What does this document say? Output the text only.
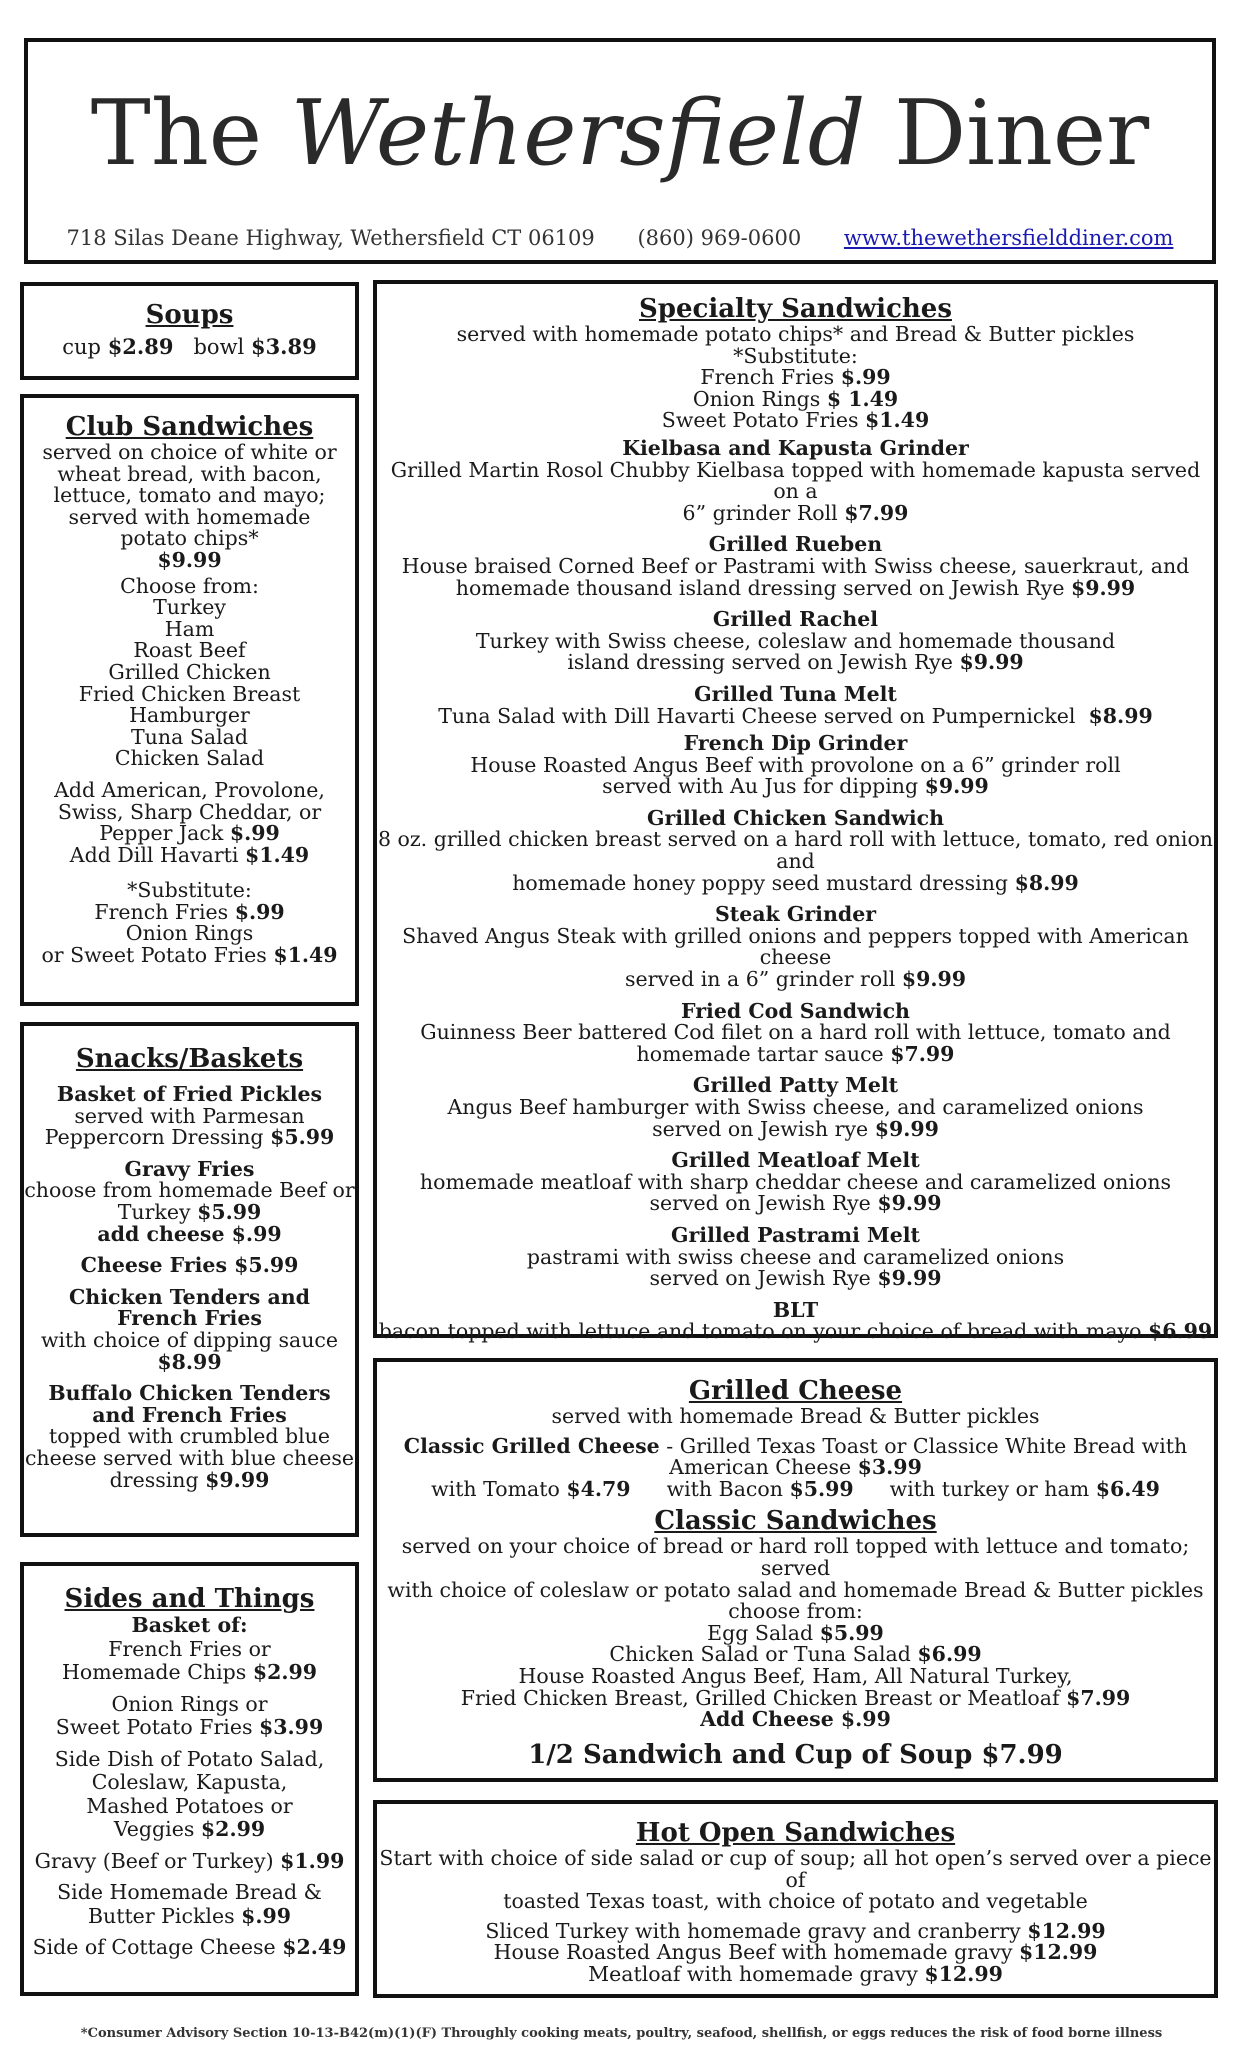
The Wethersfield Diner
718 Silas Deane Highway, Wethersfield CT 06109 (860) 969-0600 www.thewethersfielddiner.com

Soups

cup $2.89 bowl $3.89

Club Sandwiches

served on choice of white or

wheat bread, with bacon,

lettuce, tomato and mayo;

served with homemade

potato chips*

$9.99

Choose from:

Turkey

Ham

Roast Beef

Grilled Chicken

Fried Chicken Breast

Hamburger

Tuna Salad

Chicken Salad

Add American, Provolone,

Swiss, Sharp Cheddar, or

Pepper Jack $.99

Add Dill Havarti $1.49

*Substitute:

French Fries $.99

Onion Rings

or Sweet Potato Fries $1.49

Snacks/Baskets

Basket of Fried Pickles

served with Parmesan

Peppercorn Dressing $5.99

Gravy Fries

choose from homemade Beef or

Turkey $5.99

add cheese $.99

Cheese Fries $5.99

Chicken Tenders and

French Fries

with choice of dipping sauce

$8.99

Buffalo Chicken Tenders

and French Fries

topped with crumbled blue

cheese served with blue cheese

dressing $9.99

Sides and Things

Basket of:

French Fries or

Homemade Chips $2.99

Onion Rings or

Sweet Potato Fries $3.99

Side Dish of Potato Salad,

Coleslaw, Kapusta,

Mashed Potatoes or

Veggies $2.99

Gravy (Beef or Turkey) $1.99

Side Homemade Bread &

Butter Pickles $.99

Side of Cottage Cheese $2.49

Specialty Sandwiches

served with homemade potato chips* and Bread & Butter pickles

*Substitute:

French Fries $.99

Onion Rings $ 1.49

Sweet Potato Fries $1.49

Kielbasa and Kapusta Grinder

Grilled Martin Rosol Chubby Kielbasa topped with homemade kapusta served on a

6” grinder Roll $7.99

Grilled Rueben

House braised Corned Beef or Pastrami with Swiss cheese, sauerkraut, and

homemade thousand island dressing served on Jewish Rye $9.99

Grilled Rachel

Turkey with Swiss cheese, coleslaw and homemade thousand

island dressing served on Jewish Rye $9.99

Grilled Tuna Melt

Tuna Salad with Dill Havarti Cheese served on Pumpernickel $8.99

French Dip Grinder

House Roasted Angus Beef with provolone on a 6” grinder roll

served with Au Jus for dipping $9.99

Grilled Chicken Sandwich

8 oz. grilled chicken breast served on a hard roll with lettuce, tomato, red onion and

homemade honey poppy seed mustard dressing $8.99

Steak Grinder

Shaved Angus Steak with grilled onions and peppers topped with American cheese

served in a 6” grinder roll $9.99

Fried Cod Sandwich

Guinness Beer battered Cod filet on a hard roll with lettuce, tomato and

homemade tartar sauce $7.99

Grilled Patty Melt

Angus Beef hamburger with Swiss cheese, and caramelized onions

served on Jewish rye $9.99

Grilled Meatloaf Melt

homemade meatloaf with sharp cheddar cheese and caramelized onions

served on Jewish Rye $9.99

Grilled Pastrami Melt

pastrami with swiss cheese and caramelized onions

served on Jewish Rye $9.99

BLT

bacon topped with lettuce and tomato on your choice of bread with mayo $6.99

Grilled Cheese

served with homemade Bread & Butter pickles

Classic Grilled Cheese - Grilled Texas Toast or Classice White Bread with

American Cheese $3.99

with Tomato $4.79 with Bacon $5.99 with turkey or ham $6.49

Classic Sandwiches

served on your choice of bread or hard roll topped with lettuce and tomato; served

with choice of coleslaw or potato salad and homemade Bread & Butter pickles

choose from:

Egg Salad $5.99

Chicken Salad or Tuna Salad $6.99

House Roasted Angus Beef, Ham, All Natural Turkey,

Fried Chicken Breast, Grilled Chicken Breast or Meatloaf $7.99

Add Cheese $.99

1/2 Sandwich and Cup of Soup $7.99

Hot Open Sandwiches

Start with choice of side salad or cup of soup; all hot open’s served over a piece of

toasted Texas toast, with choice of potato and vegetable

Sliced Turkey with homemade gravy and cranberry $12.99

House Roasted Angus Beef with homemade gravy $12.99

Meatloaf with homemade gravy $12.99

*Consumer Advisory Section 10-13-B42(m)(1)(F) Throughly cooking meats, poultry, seafood, shellfish, or eggs reduces the risk of food borne illness
